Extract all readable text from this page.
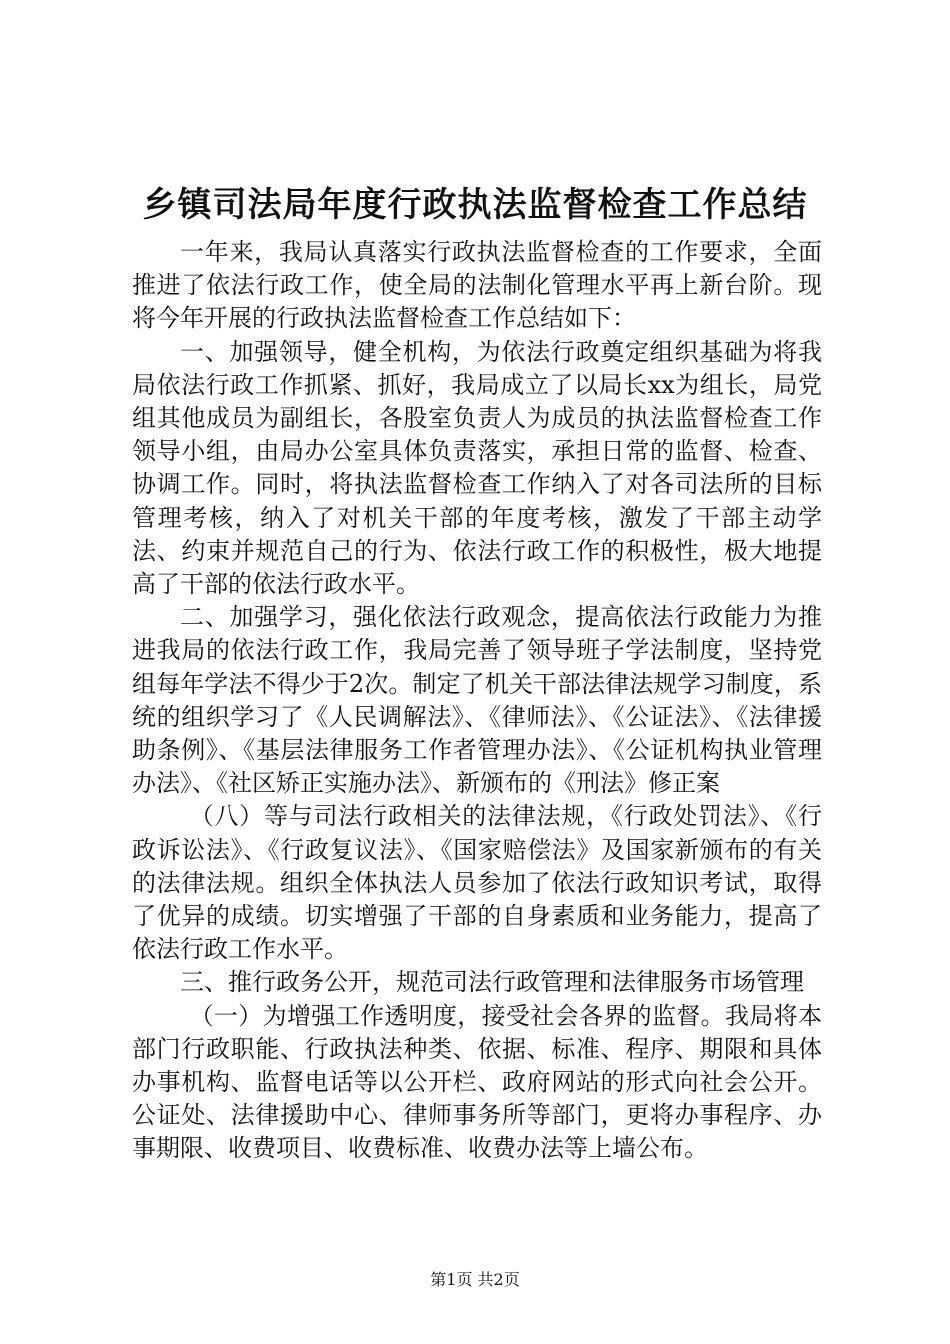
乡镇司法局年度行政执法监督检查工作总结

一年来，我局认真落实行政执法监督检查的工作要求，全面推进了依法行政工作，使全局的法制化管理水平再上新台阶。现将今年开展的行政执法监督检查工作总结如下：

一、加强领导，健全机构，为依法行政奠定组织基础为将我局依法行政工作抓紧、抓好，我局成立了以局长xx为组长，局党组其他成员为副组长，各股室负责人为成员的执法监督检查工作领导小组，由局办公室具体负责落实，承担日常的监督、检查、协调工作。同时，将执法监督检查工作纳入了对各司法所的目标管理考核，纳入了对机关干部的年度考核，激发了干部主动学法、约束并规范自己的行为、依法行政工作的积极性，极大地提高了干部的依法行政水平。

二、加强学习，强化依法行政观念，提高依法行政能力为推进我局的依法行政工作，我局完善了领导班子学法制度，坚持党组每年学法不得少于2次。制定了机关干部法律法规学习制度，系统的组织学习了《人民调解法》、《律师法》、《公证法》、《法律援助条例》、《基层法律服务工作者管理办法》、《公证机构执业管理办法》、《社区矫正实施办法》、新颁布的《刑法》修正案

（八）等与司法行政相关的法律法规，《行政处罚法》、《行政诉讼法》、《行政复议法》、《国家赔偿法》及国家新颁布的有关的法律法规。组织全体执法人员参加了依法行政知识考试，取得了优异的成绩。切实增强了干部的自身素质和业务能力，提高了依法行政工作水平。

三、推行政务公开，规范司法行政管理和法律服务市场管理

（一）为增强工作透明度，接受社会各界的监督。我局将本部门行政职能、行政执法种类、依据、标准、程序、期限和具体办事机构、监督电话等以公开栏、政府网站的形式向社会公开。公证处、法律援助中心、律师事务所等部门，更将办事程序、办事期限、收费项目、收费标准、收费办法等上墙公布。

第1页 共2页
